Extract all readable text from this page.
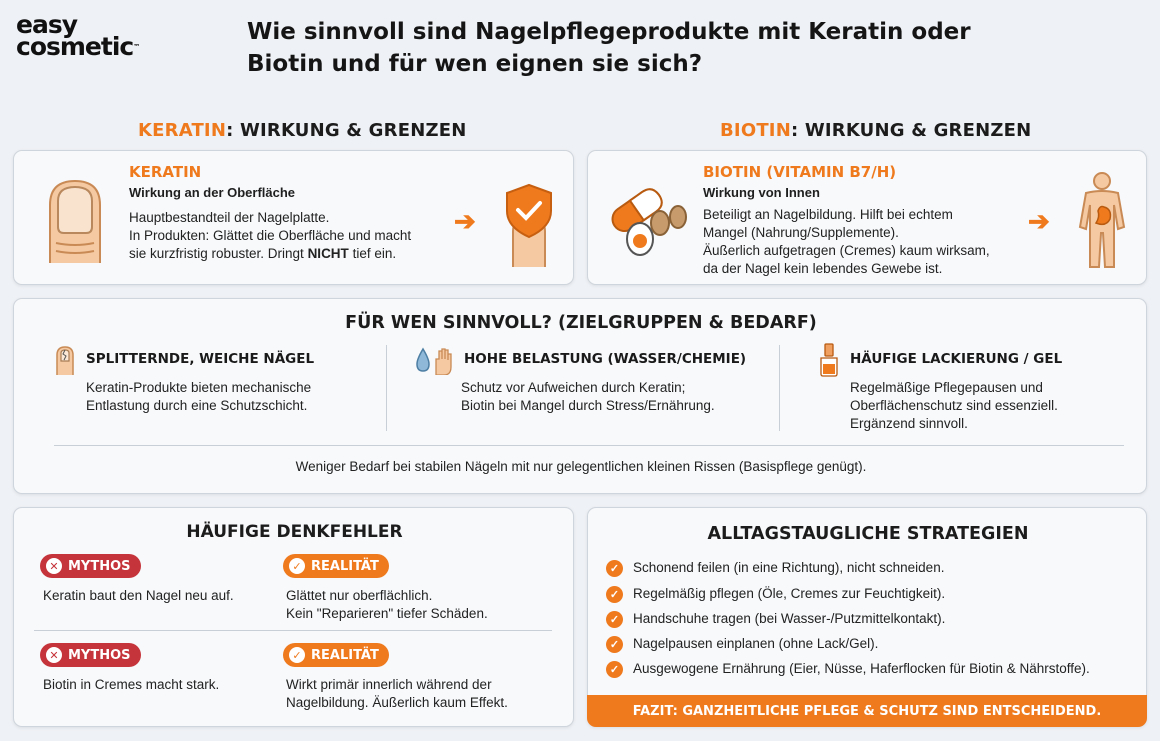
easy
cosmetic™
Wie sinnvoll sind Nagelpflegeprodukte mit Keratin oder
Biotin und für wen eignen sie sich?
KERATIN: WIRKUNG & GRENZEN	BIOTIN: WIRKUNG & GRENZEN
KERATIN
Wirkung an der Oberfläche
Hauptbestandteil der Nagelplatte.
In Produkten: Glättet die Oberfläche und macht
sie kurzfristig robuster. Dringt NICHT tief ein.
➔
BIOTIN (VITAMIN B7/H)
Wirkung von Innen
Beteiligt an Nagelbildung. Hilft bei echtem
Mangel (Nahrung/Supplemente).
Äußerlich aufgetragen (Cremes) kaum wirksam,
da der Nagel kein lebendes Gewebe ist.
➔
FÜR WEN SINNVOLL? (ZIELGRUPPEN & BEDARF)
SPLITTERNDE, WEICHE NÄGEL
Keratin-Produkte bieten mechanische
Entlastung durch eine Schutzschicht.
HOHE BELASTUNG (WASSER/CHEMIE)
Schutz vor Aufweichen durch Keratin;
Biotin bei Mangel durch Stress/Ernährung.
HÄUFIGE LACKIERUNG / GEL
Regelmäßige Pflegepausen und
Oberflächenschutz sind essenziell.
Ergänzend sinnvoll.
Weniger Bedarf bei stabilen Nägeln mit nur gelegentlichen kleinen Rissen (Basispflege genügt).
HÄUFIGE DENKFEHLER
✕ MYTHOS	✓ REALITÄT
Keratin baut den Nagel neu auf.	Glättet nur oberflächlich.
Kein "Reparieren" tiefer Schäden.
✕ MYTHOS	✓ REALITÄT
Biotin in Cremes macht stark.	Wirkt primär innerlich während der
Nagelbildung. Äußerlich kaum Effekt.
ALLTAGSTAUGLICHE STRATEGIEN
✓ Schonend feilen (in eine Richtung), nicht schneiden.
✓ Regelmäßig pflegen (Öle, Cremes zur Feuchtigkeit).
✓ Handschuhe tragen (bei Wasser-/Putzmittelkontakt).
✓ Nagelpausen einplanen (ohne Lack/Gel).
✓ Ausgewogene Ernährung (Eier, Nüsse, Haferflocken für Biotin & Nährstoffe).
FAZIT: GANZHEITLICHE PFLEGE & SCHUTZ SIND ENTSCHEIDEND.
